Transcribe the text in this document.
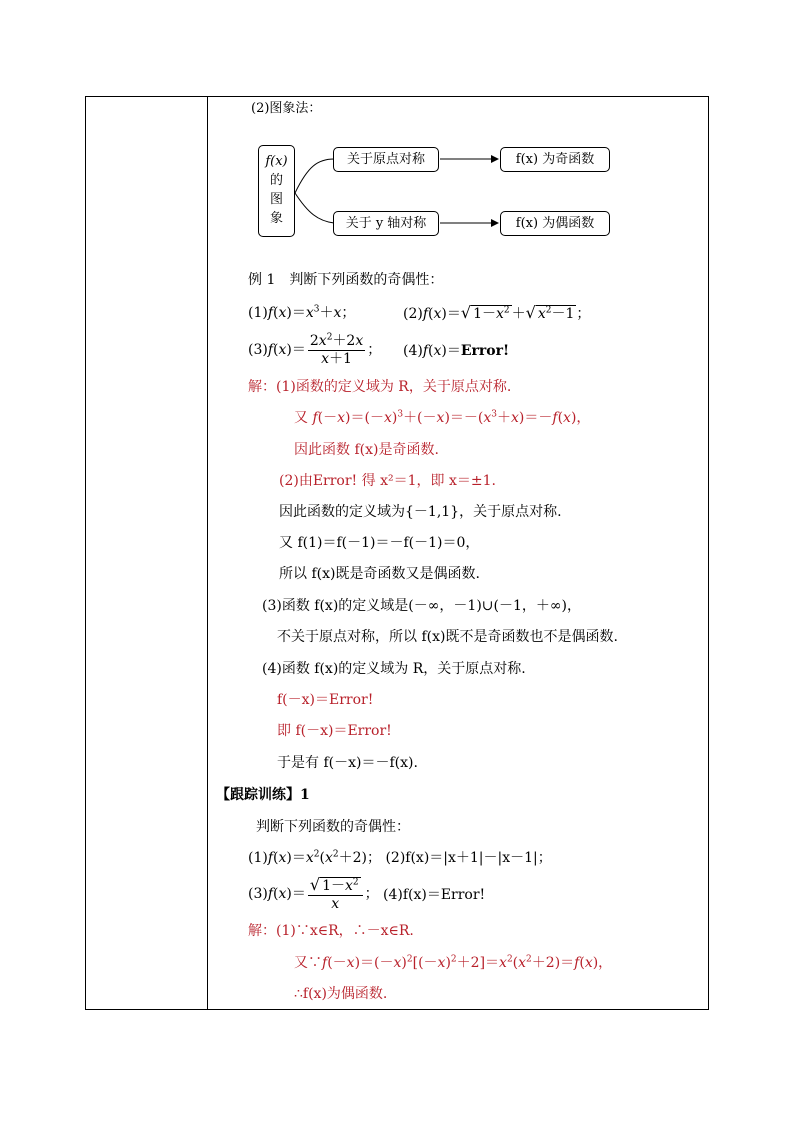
(2)图象法：
f(x)
的
图
象
关于原点对称
关于 y 轴对称
f(x) 为奇函数
f(x) 为偶函数
例 1　判断下列函数的奇偶性：
$(1)f(x)=x^3+x$；	(2)f(x)＝√ $1-x^2$ ＋√ $x^2-1$ ；
$(3)f(x)= \frac{2x^2+2x}{x+1}$ ； (4)f(x)＝Error!
解：(1)函数的定义域为 R，关于原点对称.
又 $f(-x)=(-x)^3+(-x)=-(x^3+x)=-f(x)$，
因此函数 f(x)是奇函数.
(2)由Error! 得 x²＝1，即 x＝±1.
因此函数的定义域为{－1,1}，关于原点对称.
又 f(1)＝f(－1)＝－f(－1)＝0，
所以 f(x)既是奇函数又是偶函数.
(3)函数 f(x)的定义域是(－∞，－1)∪(－1，＋∞)，
不关于原点对称，所以 f(x)既不是奇函数也不是偶函数.
(4)函数 f(x)的定义域为 R，关于原点对称.
f(－x)＝Error!
即 f(－x)＝Error!
于是有 f(－x)＝－f(x).
【跟踪训练】1
判断下列函数的奇偶性：
$(1)f(x)=x^2(x^2+2)$； (2)f(x)＝|x＋1|－|x－1|；
$(3)f(x)= \frac{√ 1-x^2}{x}$ ； (4)f(x)＝Error!
解：(1)∵x∈R，∴－x∈R.
又$\because f(-x)=(-x)^2[(-x)^2+2]=x^2(x^2+2)=f(x)$，
∴f(x)为偶函数.
